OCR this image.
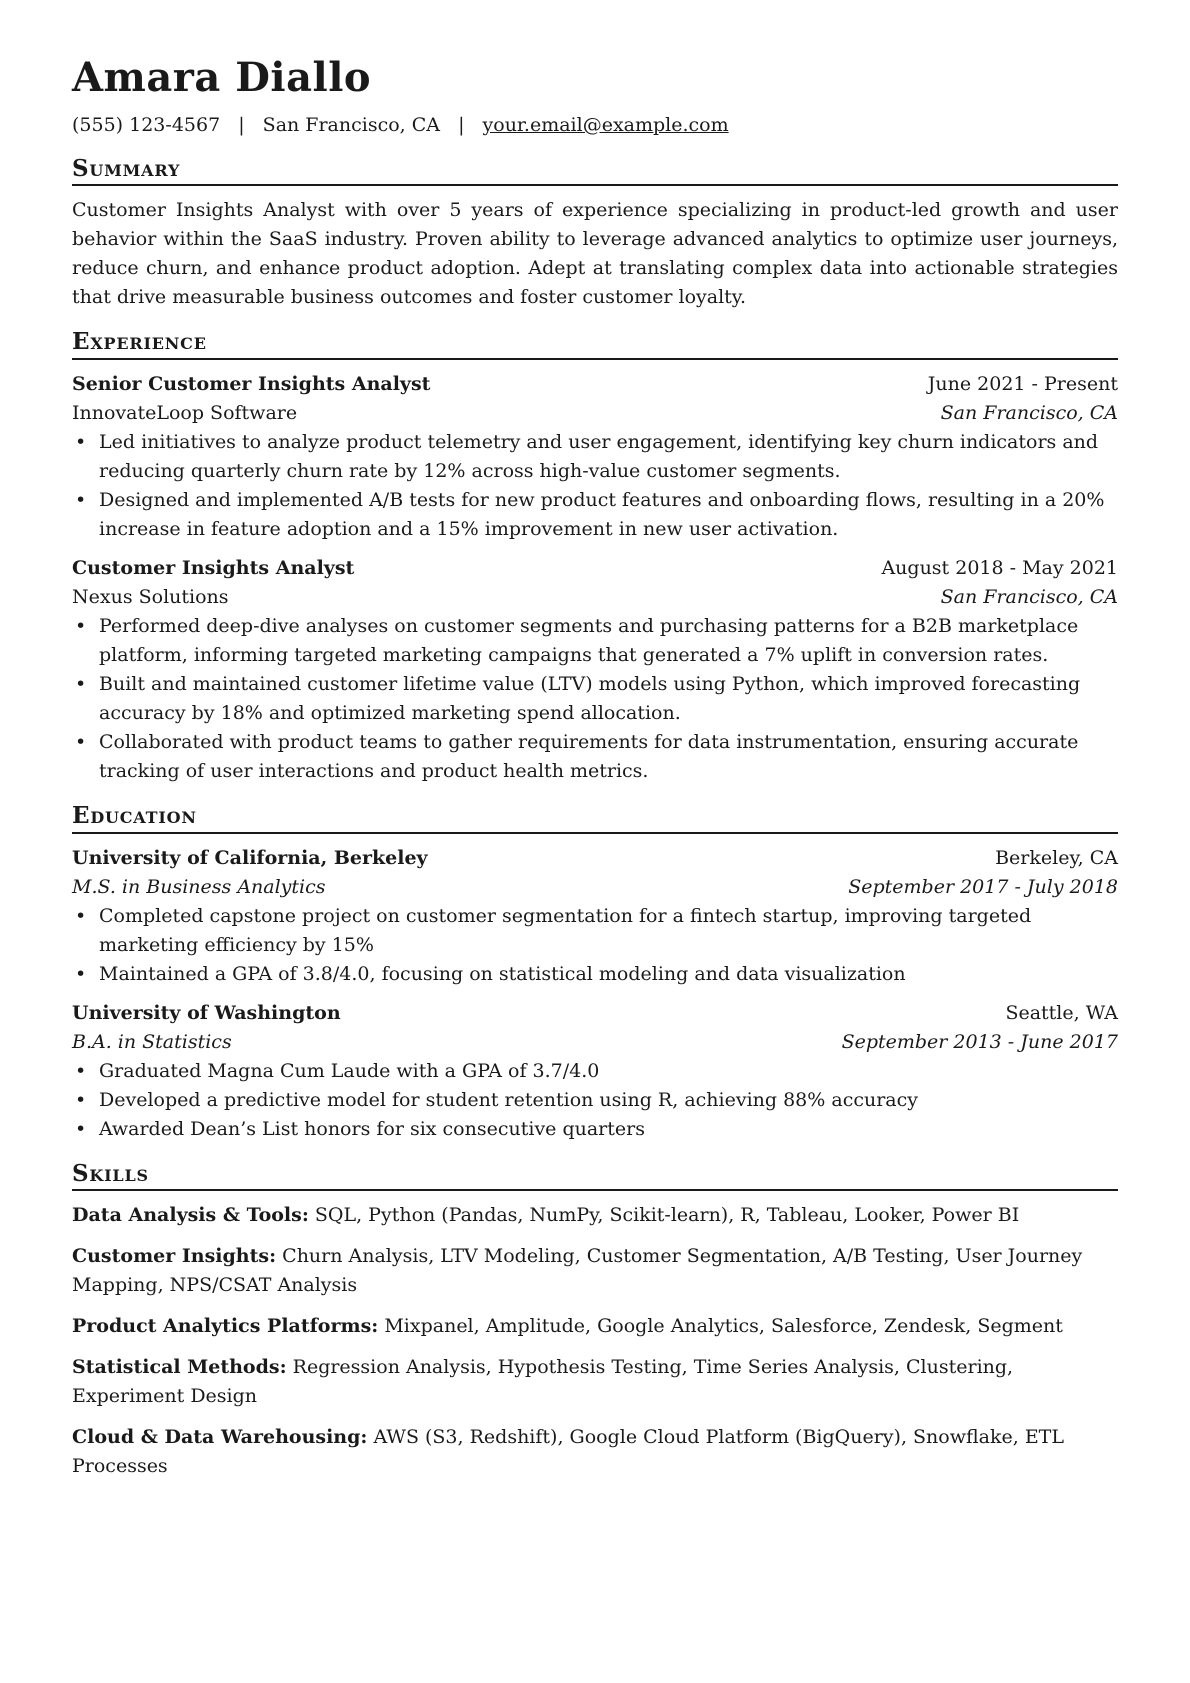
Amara Diallo
(555) 123-4567 | San Francisco, CA | your.email@example.com
Summary

Customer Insights Analyst with over 5 years of experience specializing in product-led growth and user behavior within the SaaS industry. Proven ability to leverage advanced analytics to optimize user journeys, reduce churn, and enhance product adoption. Adept at translating complex data into actionable strategies that drive measurable business outcomes and foster customer loyalty.

Experience
Senior Customer Insights Analyst	June 2021 - Present
InnovateLoop Software	San Francisco, CA
• Led initiatives to analyze product telemetry and user engagement, identifying key churn indicators and reducing quarterly churn rate by 12% across high-value customer segments.
• Designed and implemented A/B tests for new product features and onboarding flows, resulting in a 20% increase in feature adoption and a 15% improvement in new user activation.
Customer Insights Analyst	August 2018 - May 2021
Nexus Solutions	San Francisco, CA
• Performed deep-dive analyses on customer segments and purchasing patterns for a B2B marketplace platform, informing targeted marketing campaigns that generated a 7% uplift in conversion rates.
• Built and maintained customer lifetime value (LTV) models using Python, which improved forecasting accuracy by 18% and optimized marketing spend allocation.
• Collaborated with product teams to gather requirements for data instrumentation, ensuring accurate tracking of user interactions and product health metrics.
Education
University of California, Berkeley	Berkeley, CA
M.S. in Business Analytics	September 2017 - July 2018
• Completed capstone project on customer segmentation for a fintech startup, improving targeted marketing efficiency by 15%
• Maintained a GPA of 3.8/4.0, focusing on statistical modeling and data visualization
University of Washington	Seattle, WA
B.A. in Statistics	September 2013 - June 2017
• Graduated Magna Cum Laude with a GPA of 3.7/4.0
• Developed a predictive model for student retention using R, achieving 88% accuracy
• Awarded Dean’s List honors for six consecutive quarters
Skills
Data Analysis & Tools: SQL, Python (Pandas, NumPy, Scikit-learn), R, Tableau, Looker, Power BI
Customer Insights: Churn Analysis, LTV Modeling, Customer Segmentation, A/B Testing, User Journey Mapping, NPS/CSAT Analysis
Product Analytics Platforms: Mixpanel, Amplitude, Google Analytics, Salesforce, Zendesk, Segment
Statistical Methods: Regression Analysis, Hypothesis Testing, Time Series Analysis, Clustering, Experiment Design
Cloud & Data Warehousing: AWS (S3, Redshift), Google Cloud Platform (BigQuery), Snowflake, ETL Processes
